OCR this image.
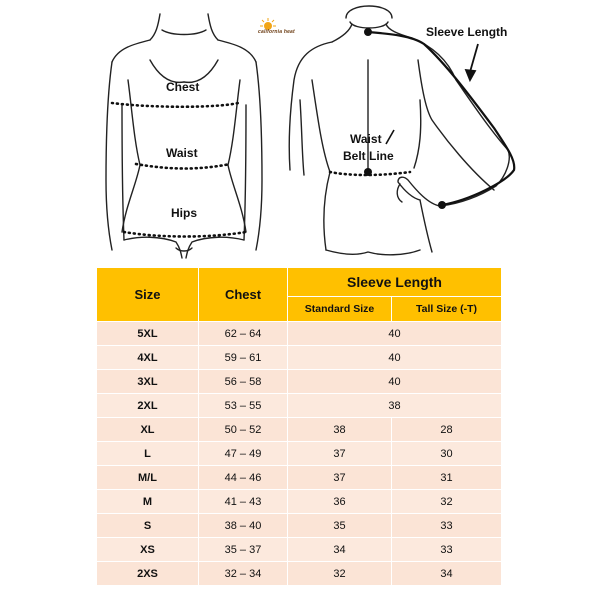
california heat
Chest
Waist
Hips
Sleeve Length
Waist
Belt Line
Size	Chest	Sleeve Length	
		Standard Size	Tall Size (-T)
5XL	62 – 64	40	
4XL	59 – 61	40	
3XL	56 – 58	40	
2XL	53 – 55	38	
XL	50 – 52	38	28
L	47 – 49	37	30
M/L	44 – 46	37	31
M	41 – 43	36	32
S	38 – 40	35	33
XS	35 – 37	34	33
2XS	32 – 34	32	34
